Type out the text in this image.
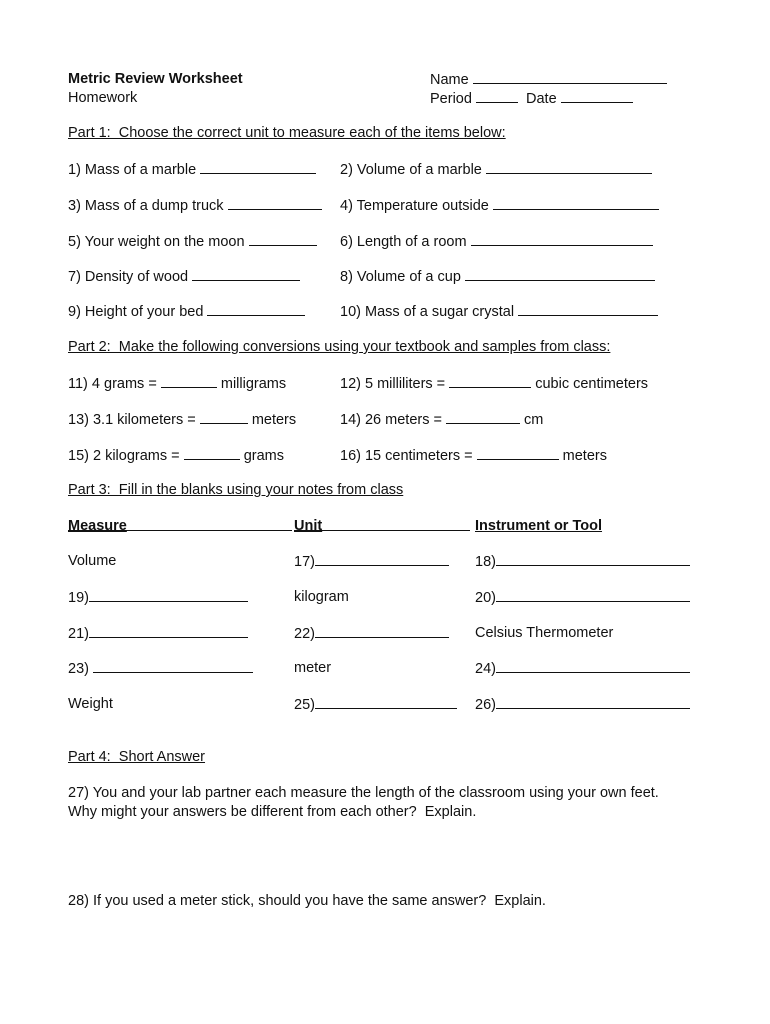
Metric Review Worksheet
Homework
Name
Period	Date
Part 1:  Choose the correct unit to measure each of the items below:
1) Mass of a marble	2) Volume of a marble
3) Mass of a dump truck	4) Temperature outside
5) Your weight on the moon	6) Length of a room
7) Density of wood	8) Volume of a cup
9) Height of your bed	10) Mass of a sugar crystal
Part 2:  Make the following conversions using your textbook and samples from class:
11) 4 grams =	milligrams	12) 5 milliliters =	cubic centimeters
13) 3.1 kilometers =	meters	14) 26 meters =	cm
15) 2 kilograms =	grams	16) 15 centimeters =	meters
Part 3:  Fill in the blanks using your notes from class
Measure	Unit	Instrument or Tool
Volume	17)	18)
19)	kilogram	20)
21)	22)	Celsius Thermometer
23)	meter	24)
Weight	25)	26)
Part 4:  Short Answer
27) You and your lab partner each measure the length of the classroom using your own feet.
Why might your answers be different from each other?  Explain.
28) If you used a meter stick, should you have the same answer?  Explain.
